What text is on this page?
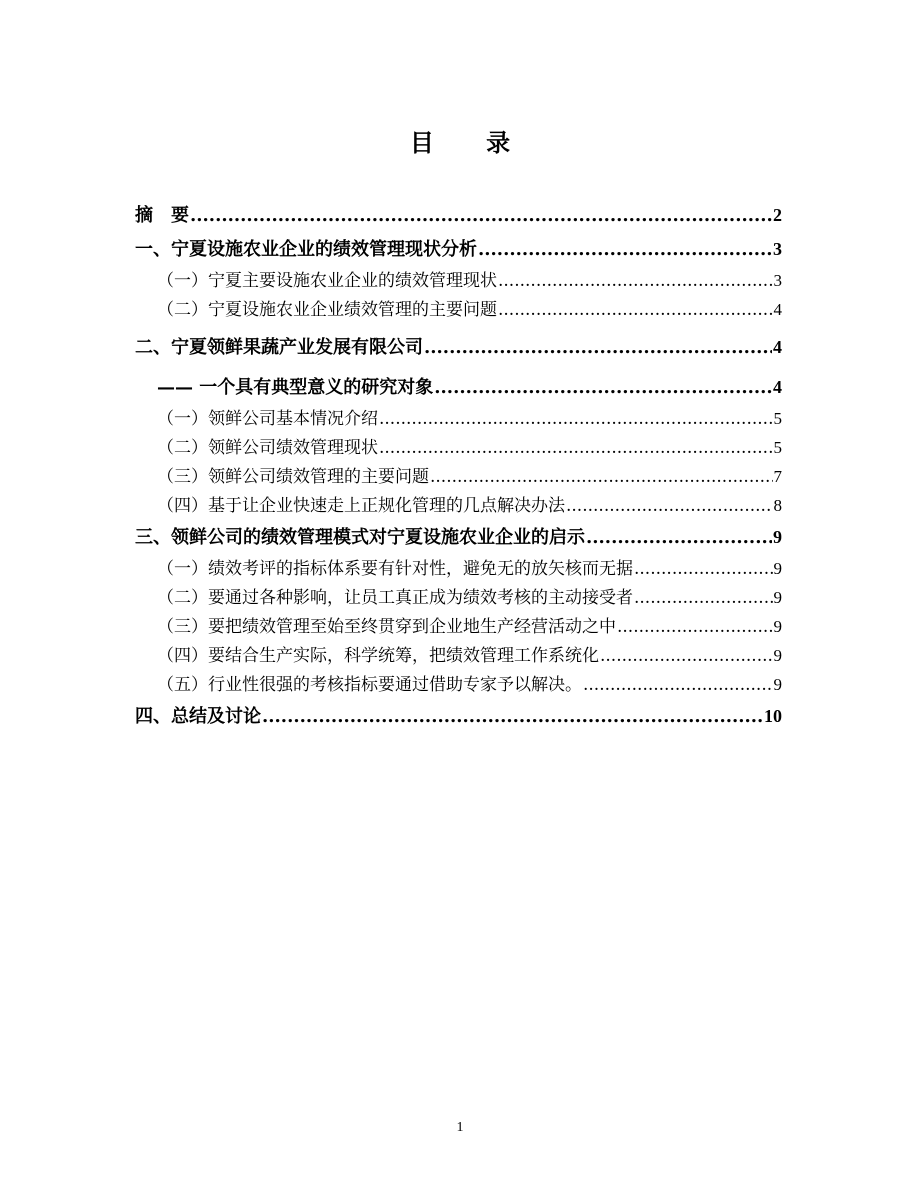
目 录
摘　要 .....	2
一、宁夏设施农业企业的绩效管理现状分析 .....	3
（一）宁夏主要设施农业企业的绩效管理现状 .....	3
（二）宁夏设施农业企业绩效管理的主要问题 .....	4
二、宁夏领鲜果蔬产业发展有限公司 .....	4
—— 一个具有典型意义的研究对象 .....	4
（一）领鲜公司基本情况介绍 .....	5
（二）领鲜公司绩效管理现状 .....	5
（三）领鲜公司绩效管理的主要问题 .....	7
（四）基于让企业快速走上正规化管理的几点解决办法 .....	8
三、领鲜公司的绩效管理模式对宁夏设施农业企业的启示 .....	9
（一）绩效考评的指标体系要有针对性，避免无的放矢核而无据 .....	9
（二）要通过各种影响，让员工真正成为绩效考核的主动接受者 .....	9
（三）要把绩效管理至始至终贯穿到企业地生产经营活动之中 .....	9
（四）要结合生产实际，科学统筹，把绩效管理工作系统化 .....	9
（五）行业性很强的考核指标要通过借助专家予以解决。 .....	9
四、总结及讨论 .....	10
1
